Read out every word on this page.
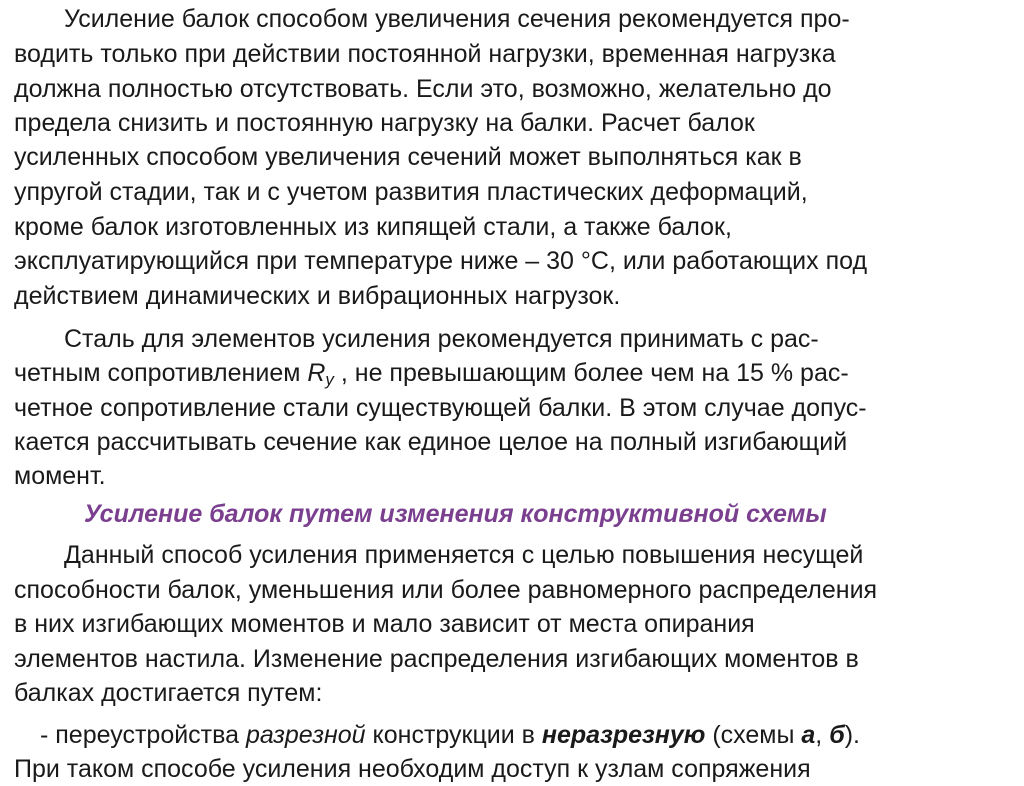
Усиление балок способом увеличения сечения рекомендуется про-
водить только при действии постоянной нагрузки, временная нагрузка
должна полностью отсутствовать. Если это, возможно, желательно до
предела снизить и постоянную нагрузку на балки. Расчет балок
усиленных способом увеличения сечений может выполняться как в
упругой стадии, так и с учетом развития пластических деформаций,
кроме балок изготовленных из кипящей стали, а также балок,
эксплуатирующийся при температуре ниже – 30 °С, или работающих под
действием динамических и вибрационных нагрузок.
Сталь для элементов усиления рекомендуется принимать с рас-
четным сопротивлением $R_y$ , не превышающим более чем на 15 % рас-
четное сопротивление стали существующей балки. В этом случае допус-
кается рассчитывать сечение как единое целое на полный изгибающий
момент.
Усиление балок путем изменения конструктивной схемы
Данный способ усиления применяется с целью повышения несущей
способности балок, уменьшения или более равномерного распределения
в них изгибающих моментов и мало зависит от места опирания
элементов настила. Изменение распределения изгибающих моментов в
балках достигается путем:
- переустройства разрезной конструкции в неразрезную (схемы а, б).
При таком способе усиления необходим доступ к узлам сопряжения
